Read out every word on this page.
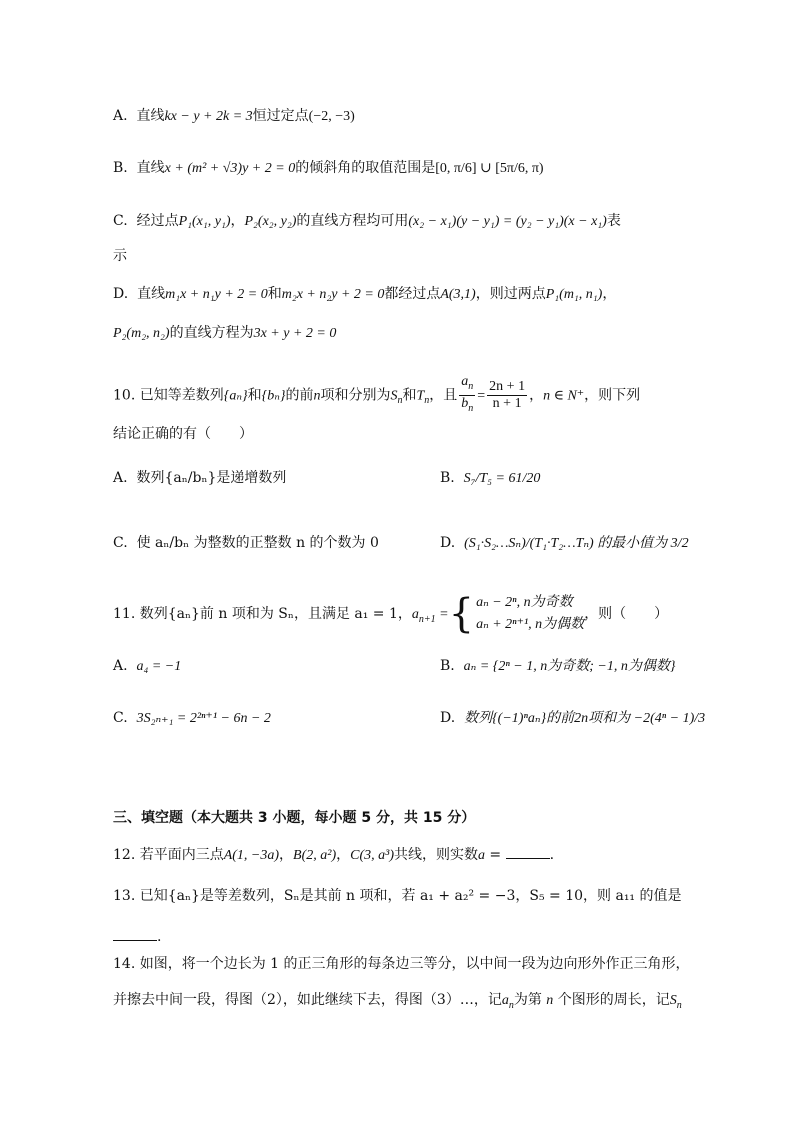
A. 直线kx − y + 2k = 3恒过定点(−2, −3)
B. 直线x + (m² + √3)y + 2 = 0的倾斜角的取值范围是[0, π/6] ∪ [5π/6, π)
C. 经过点P₁(x₁, y₁)，P₂(x₂, y₂)的直线方程均可用(x₂ − x₁)(y − y₁) = (y₂ − y₁)(x − x₁)表
示
D. 直线m₁x + n₁y + 2 = 0和m₂x + n₂y + 2 = 0都经过点A(3,1)，则过两点P₁(m₁, n₁)，
P₂(m₂, n₂)的直线方程为3x + y + 2 = 0
10. 已知等差数列{aₙ}和{bₙ}的前n项和分别为$S_n$和$T_n$，且 $\frac{a_n}{b_n} = \frac{2n + 1}{n + 1}$ ，n ∈ N⁺，则下列
结论正确的有（　　）
A.  数列{aₙ/bₙ}是递增数列	B.  S₇/T₅ = 61/20
C.  使 aₙ/bₙ 为整数的正整数 n 的个数为 0	D.  (S₁·S₂…Sₙ)/(T₁·T₂…Tₙ) 的最小值为 3/2
11. 数列{aₙ}前 n 项和为 Sₙ，且满足 a₁ = 1，$a_{n+1}$ ={ aₙ − 2ⁿ, n为奇数
aₙ + 2ⁿ⁺¹, n为偶数
，则（　　）
A.  a₄ = −1	B.  aₙ = {2ⁿ − 1, n为奇数; −1, n为偶数}
C.  3S₂ₙ₊₁ = 2²ⁿ⁺¹ − 6n − 2	D.  数列{(−1)ⁿaₙ}的前2n项和为 −2(4ⁿ − 1)/3
三、填空题（本大题共 3 小题，每小题 5 分，共 15 分）
12. 若平面内三点A(1, −3a)，B(2, a²)，C(3, a³)共线，则实数a =	.
13. 已知{aₙ}是等差数列，Sₙ是其前 n 项和，若 a₁ + a₂² = −3，S₅ = 10，则 a₁₁ 的值是
.
14. 如图，将一个边长为 1 的正三角形的每条边三等分，以中间一段为边向形外作正三角形，
并擦去中间一段，得图（2），如此继续下去，得图（3）…，记$a_n$为第 n 个图形的周长，记$S_n$
